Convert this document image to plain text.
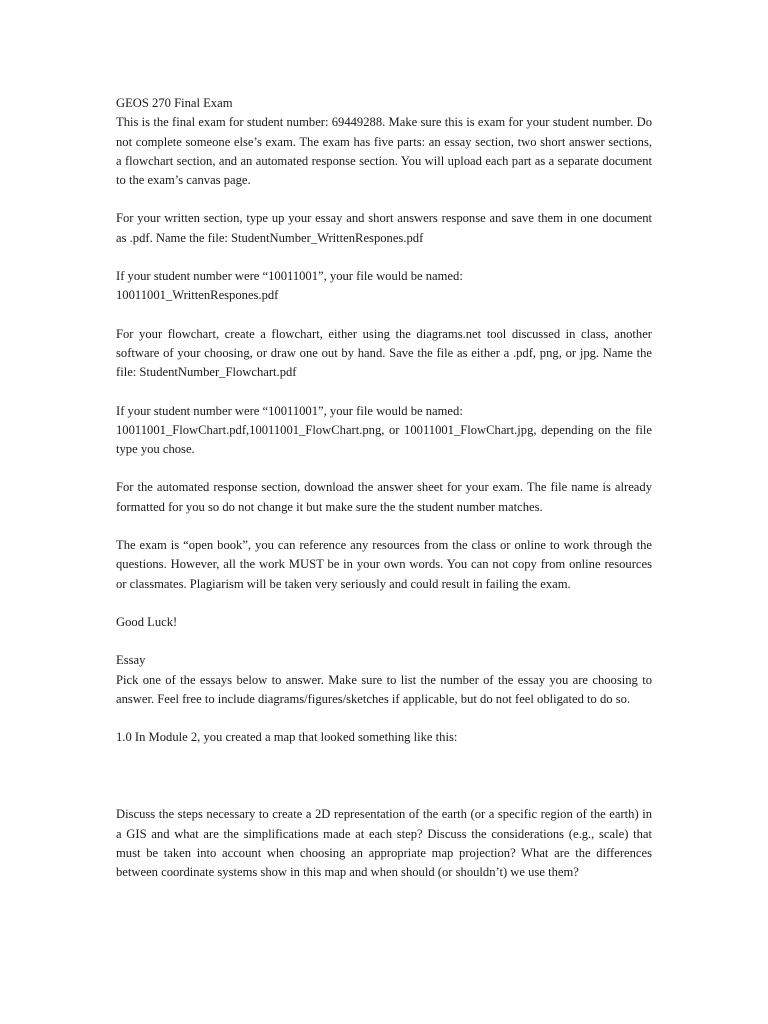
GEOS 270 Final Exam

This is the final exam for student number: 69449288. Make sure this is exam for your student number. Do not complete someone else’s exam. The exam has five parts: an essay section, two short answer sections, a flowchart section, and an automated response section. You will upload each part as a separate document to the exam’s canvas page.

For your written section, type up your essay and short answers response and save them in one document as .pdf. Name the file: StudentNumber_WrittenRespones.pdf

If your student number were “10011001”, your file would be named:

10011001_WrittenRespones.pdf

For your flowchart, create a flowchart, either using the diagrams.net tool discussed in class, another software of your choosing, or draw one out by hand. Save the file as either a .pdf, png, or jpg. Name the file: StudentNumber_Flowchart.pdf

If your student number were “10011001”, your file would be named:

10011001_FlowChart.pdf,10011001_FlowChart.png, or 10011001_FlowChart.jpg, depending on the file type you chose.

For the automated response section, download the answer sheet for your exam. The file name is already formatted for you so do not change it but make sure the the student number matches.

The exam is “open book”, you can reference any resources from the class or online to work through the questions. However, all the work MUST be in your own words. You can not copy from online resources or classmates. Plagiarism will be taken very seriously and could result in failing the exam.

Good Luck!

Essay

Pick one of the essays below to answer. Make sure to list the number of the essay you are choosing to answer. Feel free to include diagrams/figures/sketches if applicable, but do not feel obligated to do so.

1.0 In Module 2, you created a map that looked something like this:

Discuss the steps necessary to create a 2D representation of the earth (or a specific region of the earth) in a GIS and what are the simplifications made at each step? Discuss the considerations (e.g., scale) that must be taken into account when choosing an appropriate map projection? What are the differences between coordinate systems show in this map and when should (or shouldn’t) we use them?
